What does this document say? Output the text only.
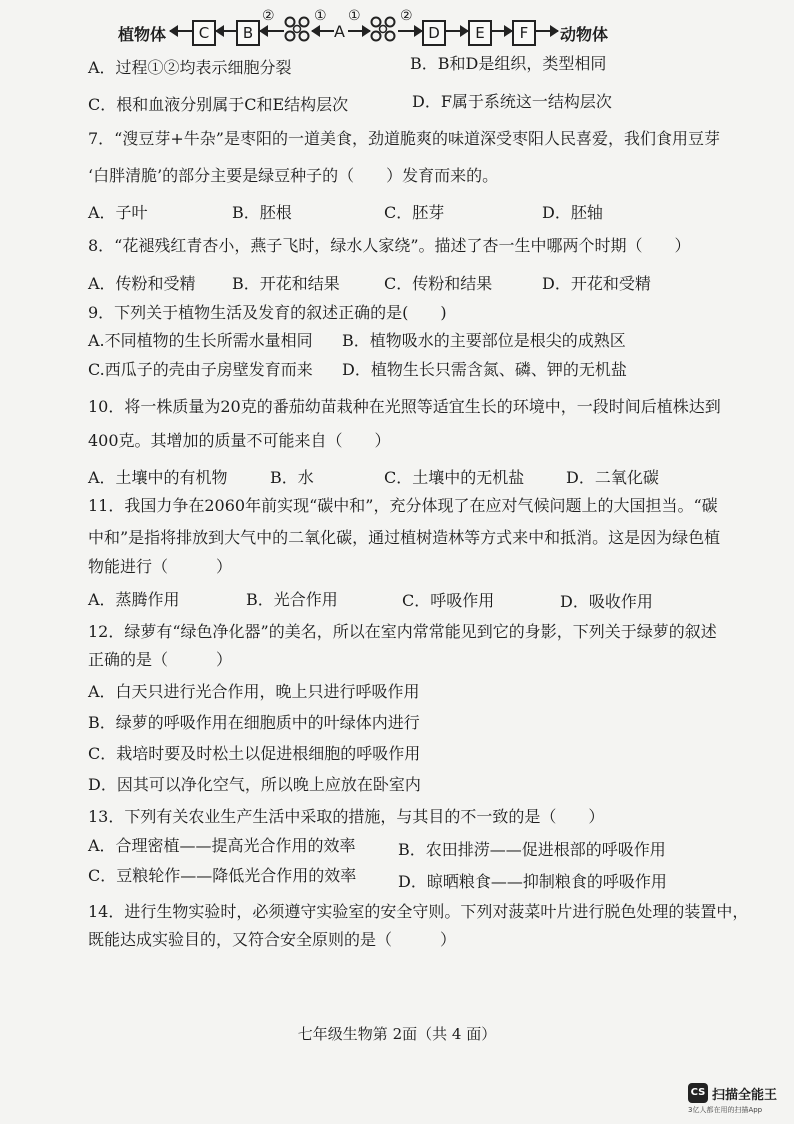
植物体	C	B
②	①
A
①	②
D	E	F	动物体
A．过程①②均表示细胞分裂	B．B和D是组织，类型相同
C．根和血液分别属于C和E结构层次	D．F属于系统这一结构层次
7．“溲豆芽+牛杂”是枣阳的一道美食，劲道脆爽的味道深受枣阳人民喜爱，我们食用豆芽
‘白胖清脆’的部分主要是绿豆种子的（　　）发育而来的。
A．子叶	B．胚根	C．胚芽	D．胚轴
8．“花褪残红青杏小，燕子飞时，绿水人家绕”。描述了杏一生中哪两个时期（　　）
A．传粉和受精 B．开花和结果	C．传粉和结果	D．开花和受精
9．下列关于植物生活及发育的叙述正确的是(　　)
A.不同植物的生长所需水量相同 B．植物吸水的主要部位是根尖的成熟区
C.西瓜子的壳由子房壁发育而来 D．植物生长只需含氮、磷、钾的无机盐
10．将一株质量为20克的番茄幼苗栽种在光照等适宜生长的环境中，一段时间后植株达到
400克。其增加的质量不可能来自（　　）
A．土壤中的有机物	B．水	C．土壤中的无机盐	D．二氧化碳
11．我国力争在2060年前实现“碳中和”，充分体现了在应对气候问题上的大国担当。“碳
中和”是指将排放到大气中的二氧化碳，通过植树造林等方式来中和抵消。这是因为绿色植
物能进行（　　　）
A．蒸腾作用	B．光合作用	C．呼吸作用	D．吸收作用
12．绿萝有“绿色净化器”的美名，所以在室内常常能见到它的身影，下列关于绿萝的叙述
正确的是（　　　）
A．白天只进行光合作用，晚上只进行呼吸作用
B．绿萝的呼吸作用在细胞质中的叶绿体内进行
C．栽培时要及时松土以促进根细胞的呼吸作用
D．因其可以净化空气，所以晚上应放在卧室内
13．下列有关农业生产生活中采取的措施，与其目的不一致的是（　　）
A．合理密植——提高光合作用的效率	B．农田排涝——促进根部的呼吸作用
C．豆粮轮作——降低光合作用的效率	D．晾晒粮食——抑制粮食的呼吸作用
14．进行生物实验时，必须遵守实验室的安全守则。下列对菠菜叶片进行脱色处理的装置中，
既能达成实验目的，又符合安全原则的是（　　　）
七年级生物第 2面（共 4 面）
CS 扫描全能王
3亿人都在用的扫描App
